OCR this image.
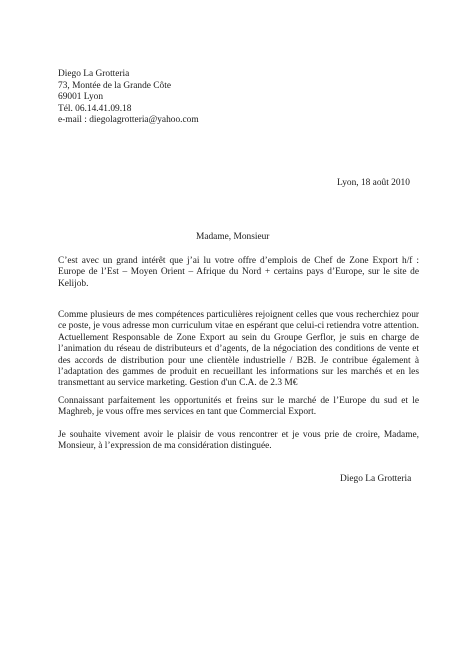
Diego La Grotteria
73, Montée de la Grande Côte
69001 Lyon
Tél. 06.14.41.09.18
e-mail : diegolagrotteria@yahoo.com
Lyon, 18 août 2010
Madame, Monsieur

C’est avec un grand intérêt que j’ai lu votre offre d’emplois de Chef de Zone Export h/f : Europe de l’Est – Moyen Orient – Afrique du Nord + certains pays d’Europe, sur le site de Kelijob.

Comme plusieurs de mes compétences particulières rejoignent celles que vous recherchiez pour ce poste, je vous adresse mon curriculum vitae en espérant que celui-ci retiendra votre attention. Actuellement Responsable de Zone Export au sein du Groupe Gerflor, je suis en charge de l’animation du réseau de distributeurs et d’agents, de la négociation des conditions de vente et des accords de distribution pour une clientèle industrielle / B2B. Je contribue également à l’adaptation des gammes de produit en recueillant les informations sur les marchés et en les transmettant au service marketing. Gestion d'un C.A. de 2.3 M€

Connaissant parfaitement les opportunités et freins sur le marché de l’Europe du sud et le Maghreb, je vous offre mes services en tant que Commercial Export.

Je souhaite vivement avoir le plaisir de vous rencontrer et je vous prie de croire, Madame, Monsieur, à l’expression de ma considération distinguée.

Diego La Grotteria
